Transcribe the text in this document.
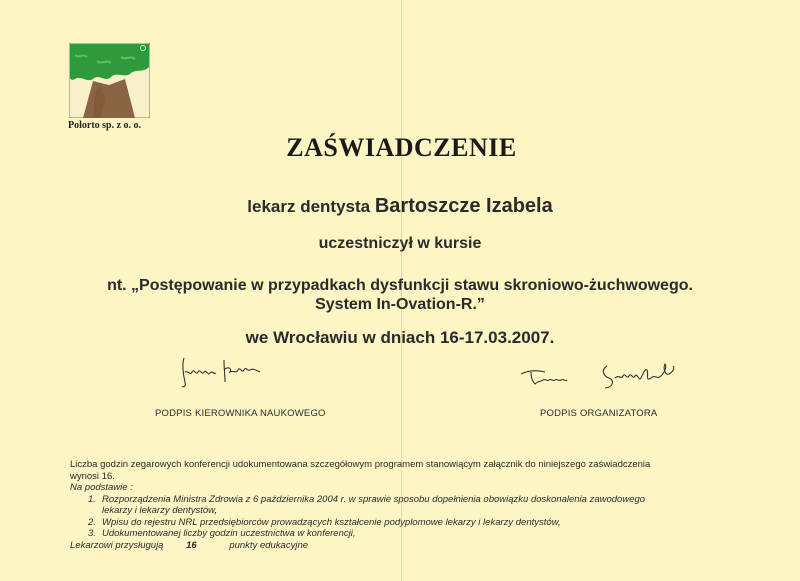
Polorto sp. z o. o.
ZAŚWIADCZENIE
lekarz dentysta Bartoszcze Izabela
uczestniczył w kursie
nt. „Postępowanie w przypadkach dysfunkcji stawu skroniowo-żuchwowego.
System In-Ovation-R.”
we Wrocławiu w dniach 16-17.03.2007.
PODPIS KIEROWNIKA NAUKOWEGO	PODPIS ORGANIZATORA
Liczba godzin zegarowych konferencji udokumentowana szczegółowym programem stanowiącym załącznik do niniejszego zaświadczenia
wynosi 16.
Na podstawie :
1. Rozporządzenia Ministra Zdrowia z 6 października 2004 r. w sprawie sposobu dopełnienia obowiązku doskonalenia zawodowego
lekarzy i lekarzy dentystów,
2. Wpisu do rejestru NRL przedsiębiorców prowadzących kształcenie podyplomowe lekarzy i lekarzy dentystów,
3. Udokumentowanej liczby godzin uczestnictwa w konferencji,
Lekarzowi przysługują 16	punkty edukacyjne
